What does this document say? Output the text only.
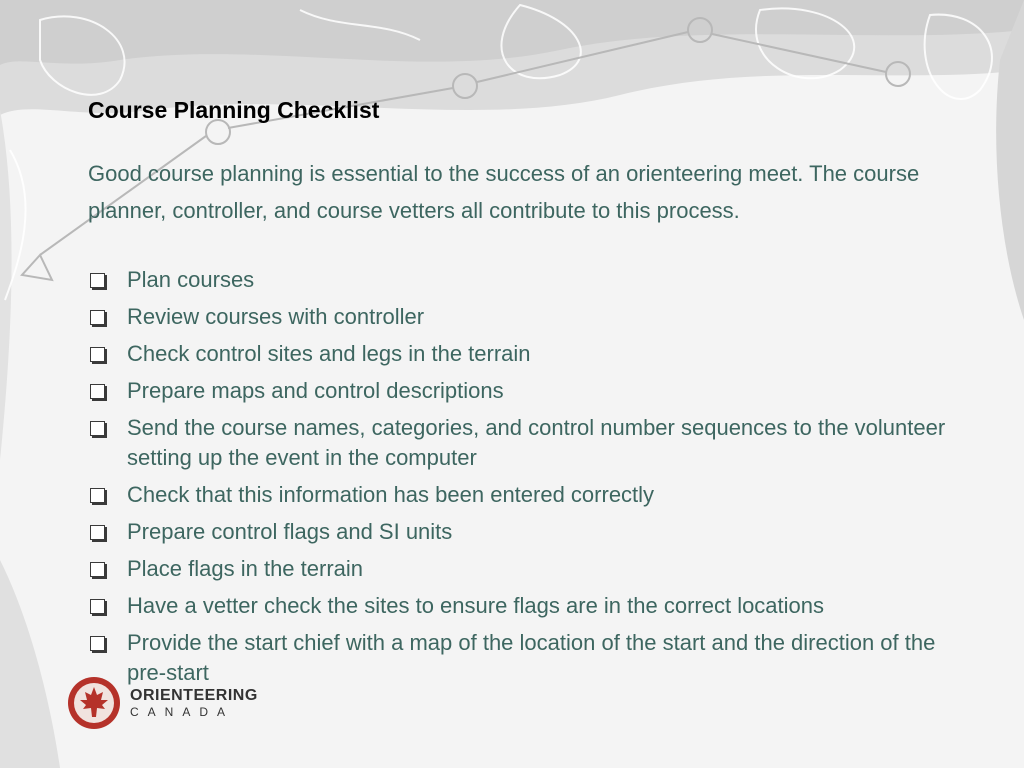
Course Planning Checklist

Good course planning is essential to the success of an orienteering meet. The course planner, controller, and course vetters all contribute to this process.

Plan courses
Review courses with controller
Check control sites and legs in the terrain
Prepare maps and control descriptions
Send the course names, categories, and control number sequences to the volunteer setting up the event in the computer
Check that this information has been entered correctly
Prepare control flags and SI units
Place flags in the terrain
Have a vetter check the sites to ensure flags are in the correct locations
Provide the start chief with a map of the location of the start and the direction of the pre-start
ORIENTEERING
CANADA
